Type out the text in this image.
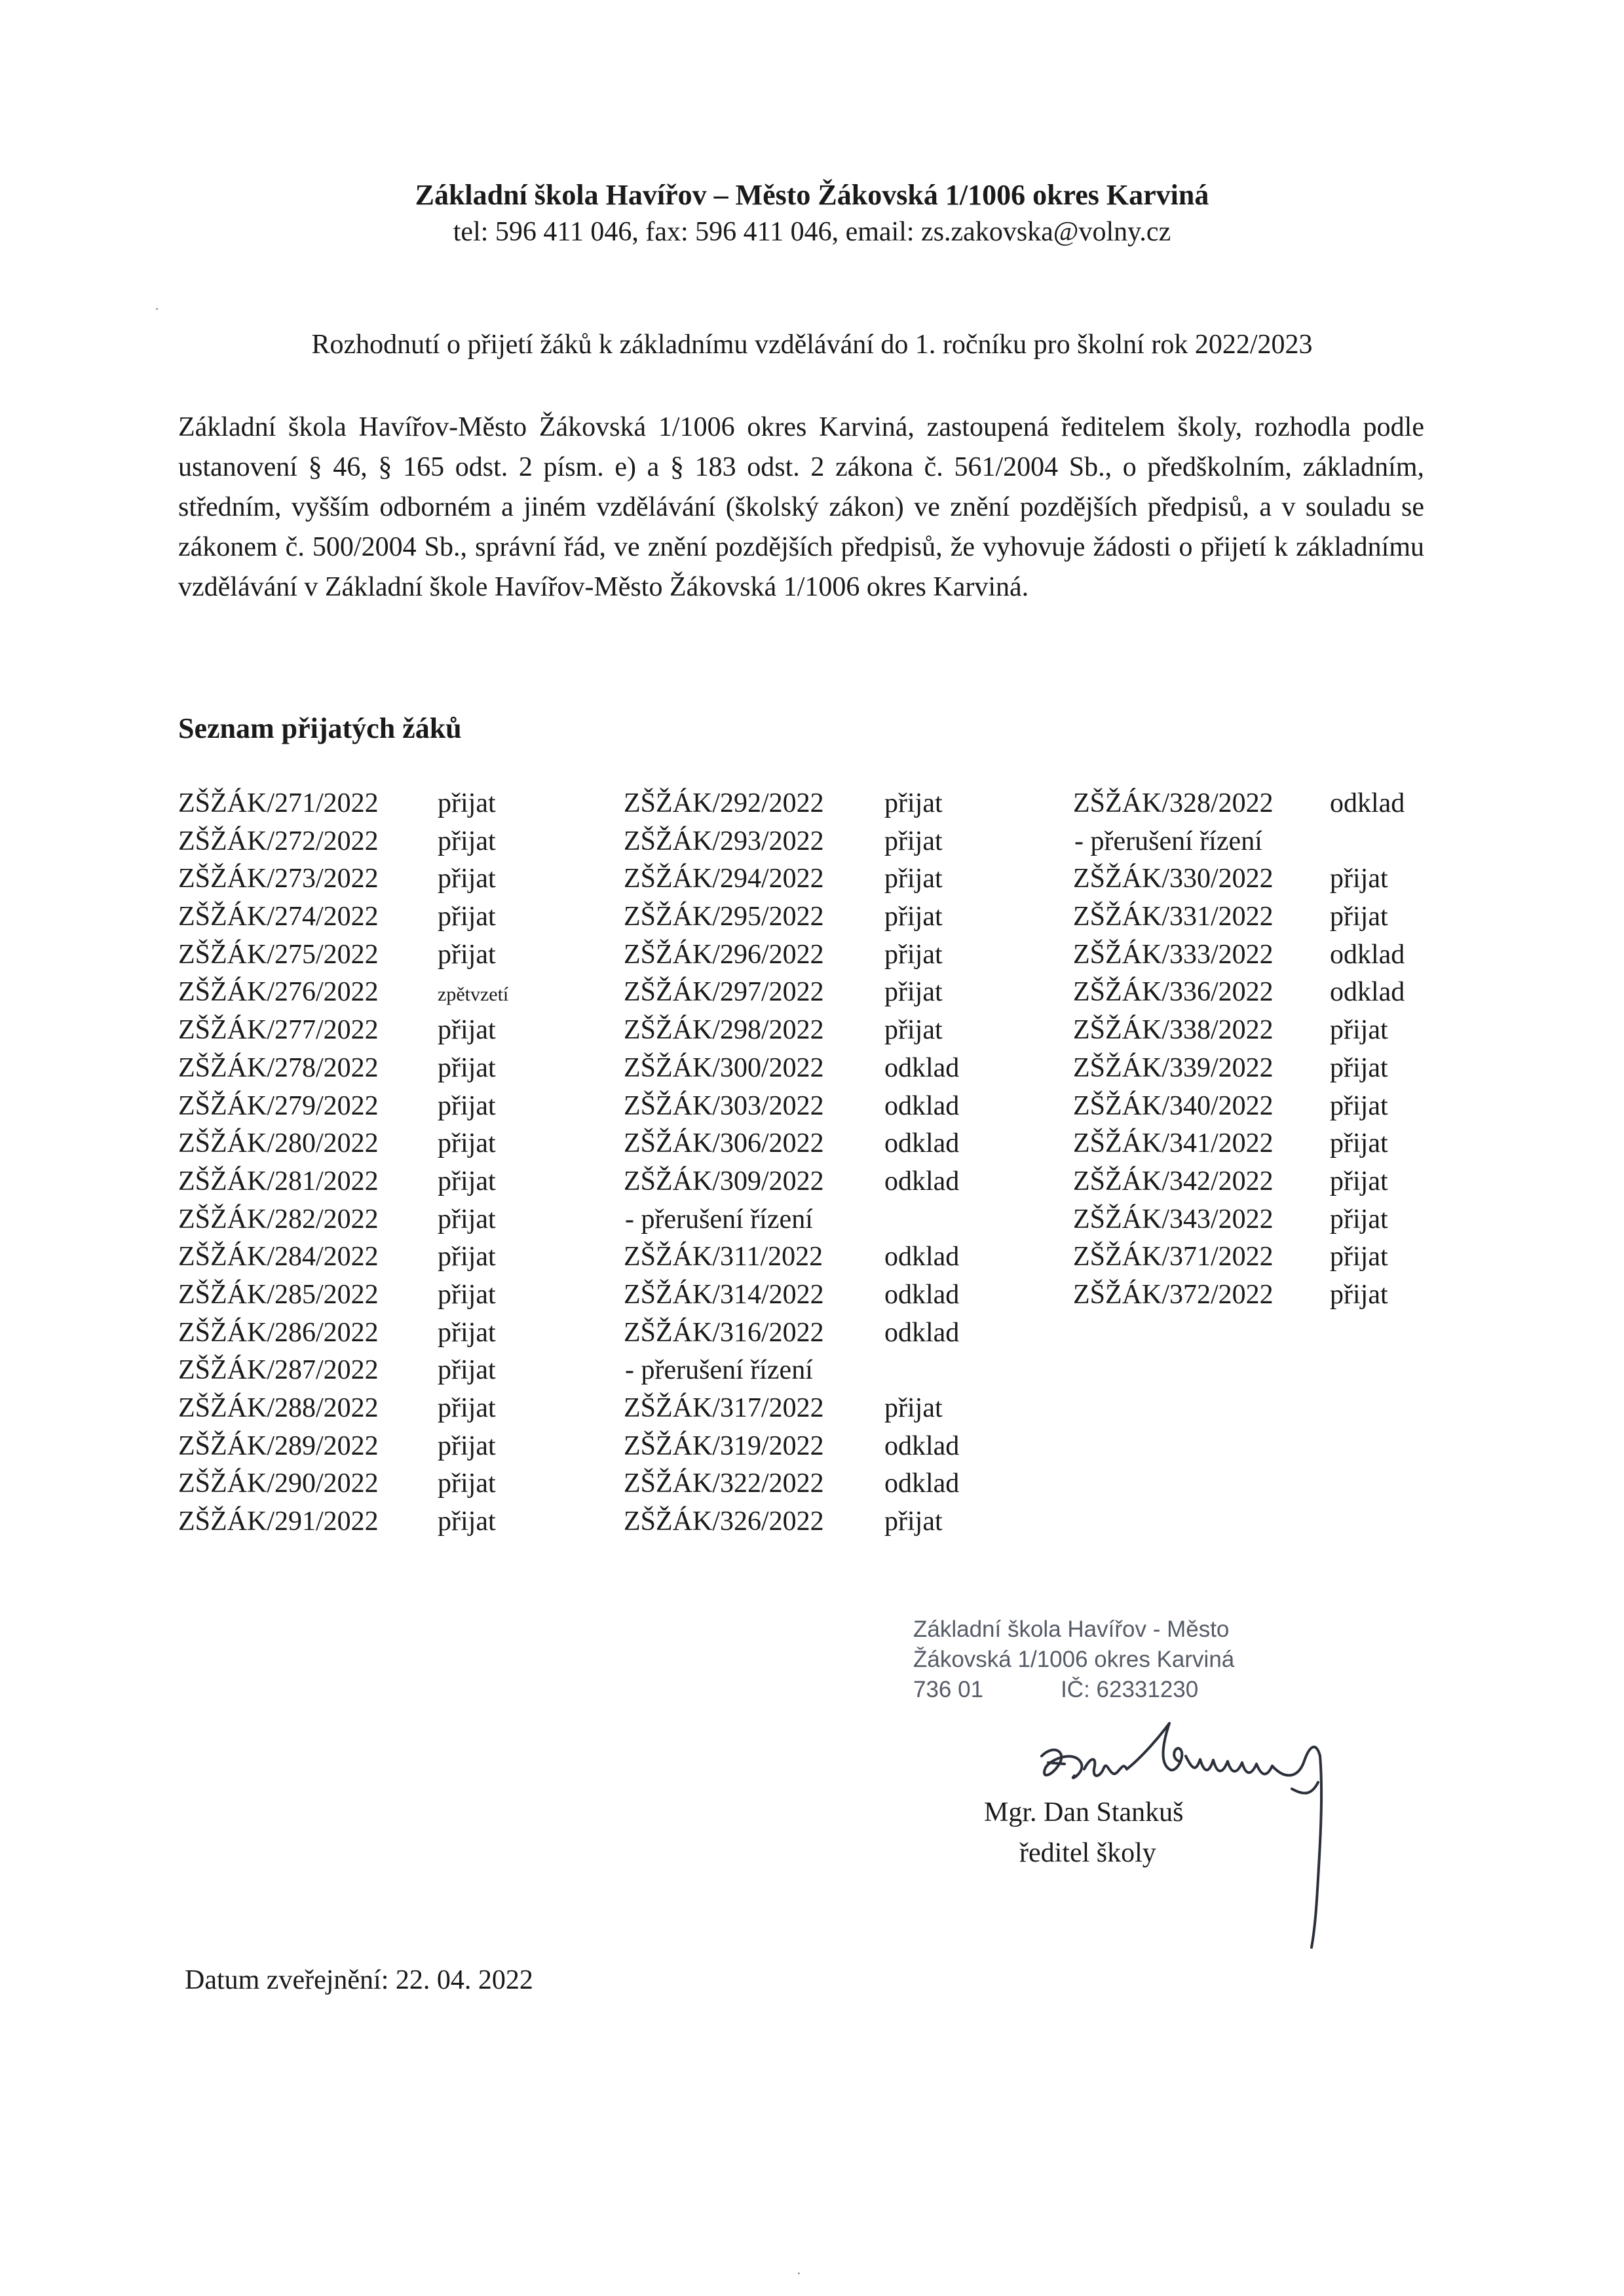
Základní škola Havířov – Město Žákovská 1/1006 okres Karviná
tel: 596 411 046, fax: 596 411 046, email: zs.zakovska@volny.cz
Rozhodnutí o přijetí žáků k základnímu vzdělávání do 1. ročníku pro školní rok 2022/2023
Základní škola Havířov-Město Žákovská 1/1006 okres Karviná, zastoupená ředitelem školy, rozhodla podle ustanovení § 46, § 165 odst. 2 písm. e) a § 183 odst. 2 zákona č. 561/2004 Sb., o předškolním, základním, středním, vyšším odborném a jiném vzdělávání (školský zákon) ve znění pozdějších předpisů, a v souladu se zákonem č. 500/2004 Sb., správní řád, ve znění pozdějších předpisů, že vyhovuje žádosti o přijetí k základnímu vzdělávání v Základní škole Havířov-Město Žákovská 1/1006 okres Karviná.
Seznam přijatých žáků
ZŠŽÁK/271/2022 přijat
ZŠŽÁK/272/2022 přijat
ZŠŽÁK/273/2022 přijat
ZŠŽÁK/274/2022 přijat
ZŠŽÁK/275/2022 přijat
ZŠŽÁK/276/2022	zpětvzetí
ZŠŽÁK/277/2022 přijat
ZŠŽÁK/278/2022 přijat
ZŠŽÁK/279/2022 přijat
ZŠŽÁK/280/2022 přijat
ZŠŽÁK/281/2022 přijat
ZŠŽÁK/282/2022 přijat
ZŠŽÁK/284/2022 přijat
ZŠŽÁK/285/2022 přijat
ZŠŽÁK/286/2022 přijat
ZŠŽÁK/287/2022 přijat
ZŠŽÁK/288/2022 přijat
ZŠŽÁK/289/2022 přijat
ZŠŽÁK/290/2022 přijat
ZŠŽÁK/291/2022 přijat
ZŠŽÁK/292/2022 přijat
ZŠŽÁK/293/2022 přijat
ZŠŽÁK/294/2022 přijat
ZŠŽÁK/295/2022 přijat
ZŠŽÁK/296/2022 přijat
ZŠŽÁK/297/2022 přijat
ZŠŽÁK/298/2022 přijat
ZŠŽÁK/300/2022 odklad
ZŠŽÁK/303/2022 odklad
ZŠŽÁK/306/2022 odklad
ZŠŽÁK/309/2022 odklad
- přerušení řízení
ZŠŽÁK/311/2022 odklad
ZŠŽÁK/314/2022 odklad
ZŠŽÁK/316/2022 odklad
- přerušení řízení
ZŠŽÁK/317/2022 přijat
ZŠŽÁK/319/2022 odklad
ZŠŽÁK/322/2022 odklad
ZŠŽÁK/326/2022 přijat
ZŠŽÁK/328/2022 odklad
- přerušení řízení
ZŠŽÁK/330/2022 přijat
ZŠŽÁK/331/2022 přijat
ZŠŽÁK/333/2022 odklad
ZŠŽÁK/336/2022 odklad
ZŠŽÁK/338/2022 přijat
ZŠŽÁK/339/2022 přijat
ZŠŽÁK/340/2022 přijat
ZŠŽÁK/341/2022 přijat
ZŠŽÁK/342/2022 přijat
ZŠŽÁK/343/2022 přijat
ZŠŽÁK/371/2022 přijat
ZŠŽÁK/372/2022 přijat
Základní škola Havířov - Město
Žákovská 1/1006 okres Karviná
736 01	IČ: 62331230
Mgr. Dan Stankuš
ředitel školy
Datum zveřejnění: 22. 04. 2022
